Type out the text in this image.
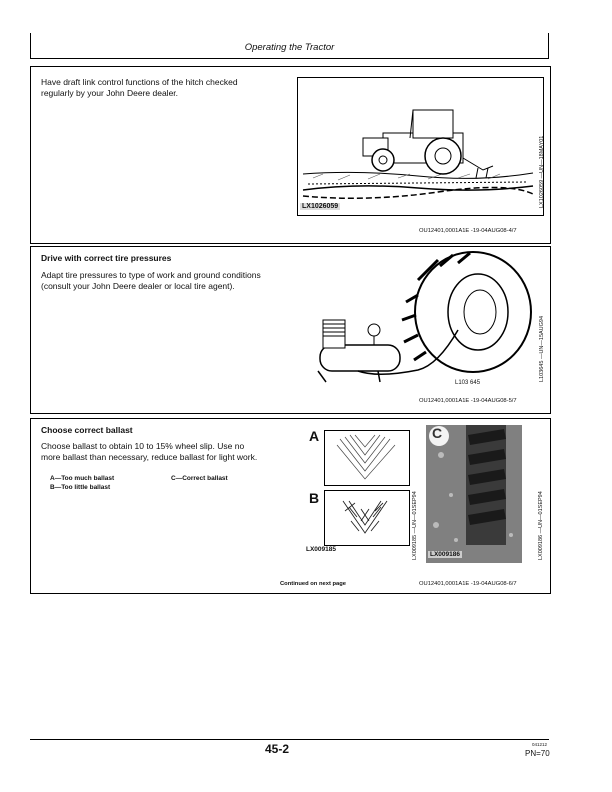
Operating the Tractor
Have draft link control functions of the hitch checked
regularly by your John Deere dealer.
LX1026059	LX1026059 —UN—18MAY01
OU12401,0001A1E -19-04AUG08-4/7
Drive with correct tire pressures
Adapt tire pressures to type of work and ground conditions
(consult your John Deere dealer or local tire agent).
L103 645
L103645 —UN—15AUG94
OU12401,0001A1E -19-04AUG08-5/7
Choose correct ballast
Choose ballast to obtain 10 to 15% wheel slip. Use no
more ballast than necessary, reduce ballast for light work.
A—Too much ballast
B—Too little ballast
C—Correct ballast
A
B
LX009185	LX009185 —UN—01SEP94
C
LX009186	LX009186 —UN—01SEP94
Continued on next page	OU12401,0001A1E -19-04AUG08-6/7
45-2	041212
PN=70
